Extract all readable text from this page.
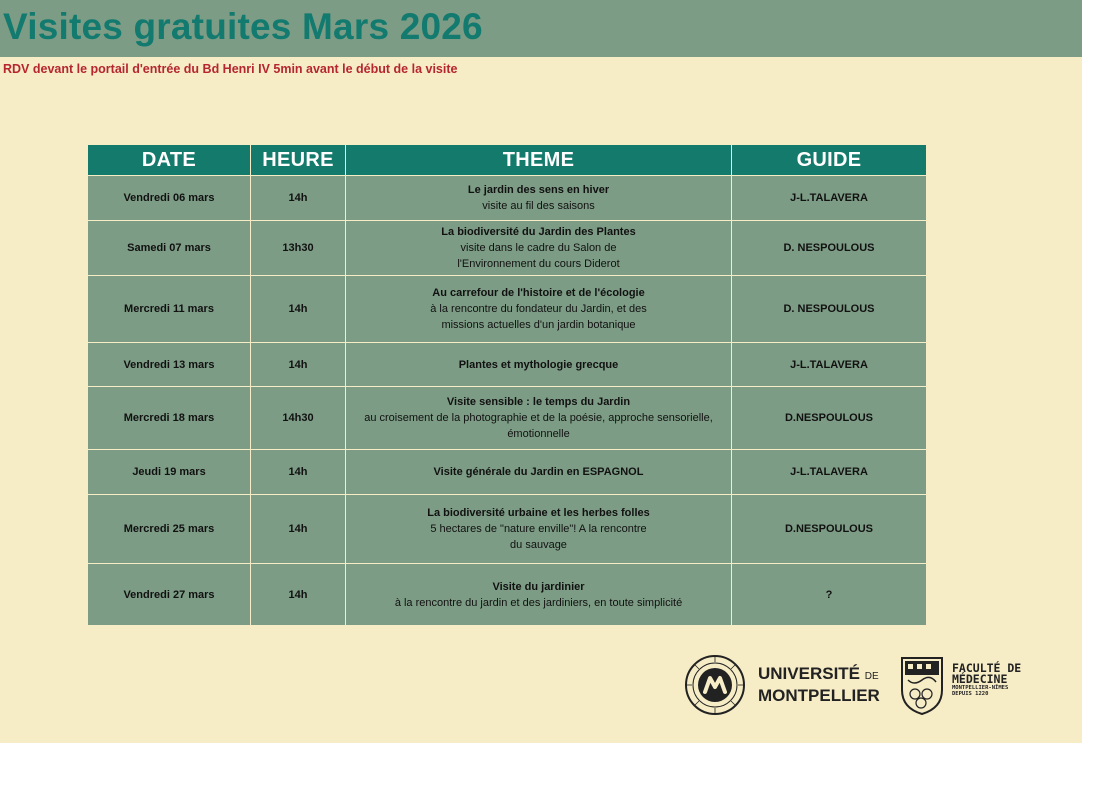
Visites gratuites Mars 2026
RDV devant le portail d'entrée du Bd Henri IV 5min avant le début de la visite
DATE	HEURE	THEME	GUIDE
Vendredi 06 mars	14h	Le jardin des sens en hiver
visite au fil des saisons	J-L.TALAVERA
Samedi 07 mars	13h30	La biodiversité du Jardin des Plantes
visite dans le cadre du Salon de
l'Environnement du cours Diderot	D. NESPOULOUS
Mercredi 11 mars	14h	Au carrefour de l'histoire et de l'écologie
à la rencontre du fondateur du Jardin, et des
missions actuelles d'un jardin botanique	D. NESPOULOUS
Vendredi 13 mars	14h	Plantes et mythologie grecque	J-L.TALAVERA
Mercredi 18 mars	14h30	Visite sensible : le temps du Jardin
au croisement de la photographie et de la poésie, approche sensorielle,
émotionnelle	D.NESPOULOUS
Jeudi 19 mars	14h	Visite générale du Jardin en ESPAGNOL	J-L.TALAVERA
Mercredi 25 mars	14h	La biodiversité urbaine et les herbes folles
5 hectares de "nature enville"! A la rencontre
du sauvage	D.NESPOULOUS
Vendredi 27 mars	14h	Visite du jardinier
à la rencontre du jardin et des jardiniers, en toute simplicité	?
UNIVERSITÉ DE
MONTPELLIER
FACULTÉ DE
MÉDECINE
MONTPELLIER-NÎMES
DEPUIS 1220
